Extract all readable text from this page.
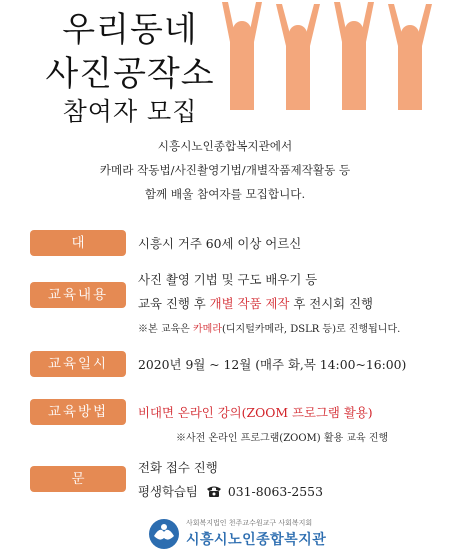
우리동네
사진공작소
참여자 모집
시흥시노인종합복지관에서
카메라 작동법/사진촬영기법/개별작품제작활동 등
함께 배울 참여자를 모집합니다.
대 상
시흥시 거주 60세 이상 어르신
교육내용
사진 촬영 기법 및 구도 배우기 등
교육 진행 후 개별 작품 제작 후 전시회 진행
※본 교육은 카메라(디지털카메라, DSLR 등)로 진행됩니다.
교육일시	2020년 9월 ~ 12월 (매주 화,목 14:00~16:00)
교육방법	비대면 온라인 강의(ZOOM 프로그램 활용)
※사전 온라인 프로그램(ZOOM) 활용 교육 진행
문 의
전화 접수 진행
평생학습팀 031-8063-2553
사회복지법인 천주교수원교구 사회복지회
시흥시노인종합복지관
